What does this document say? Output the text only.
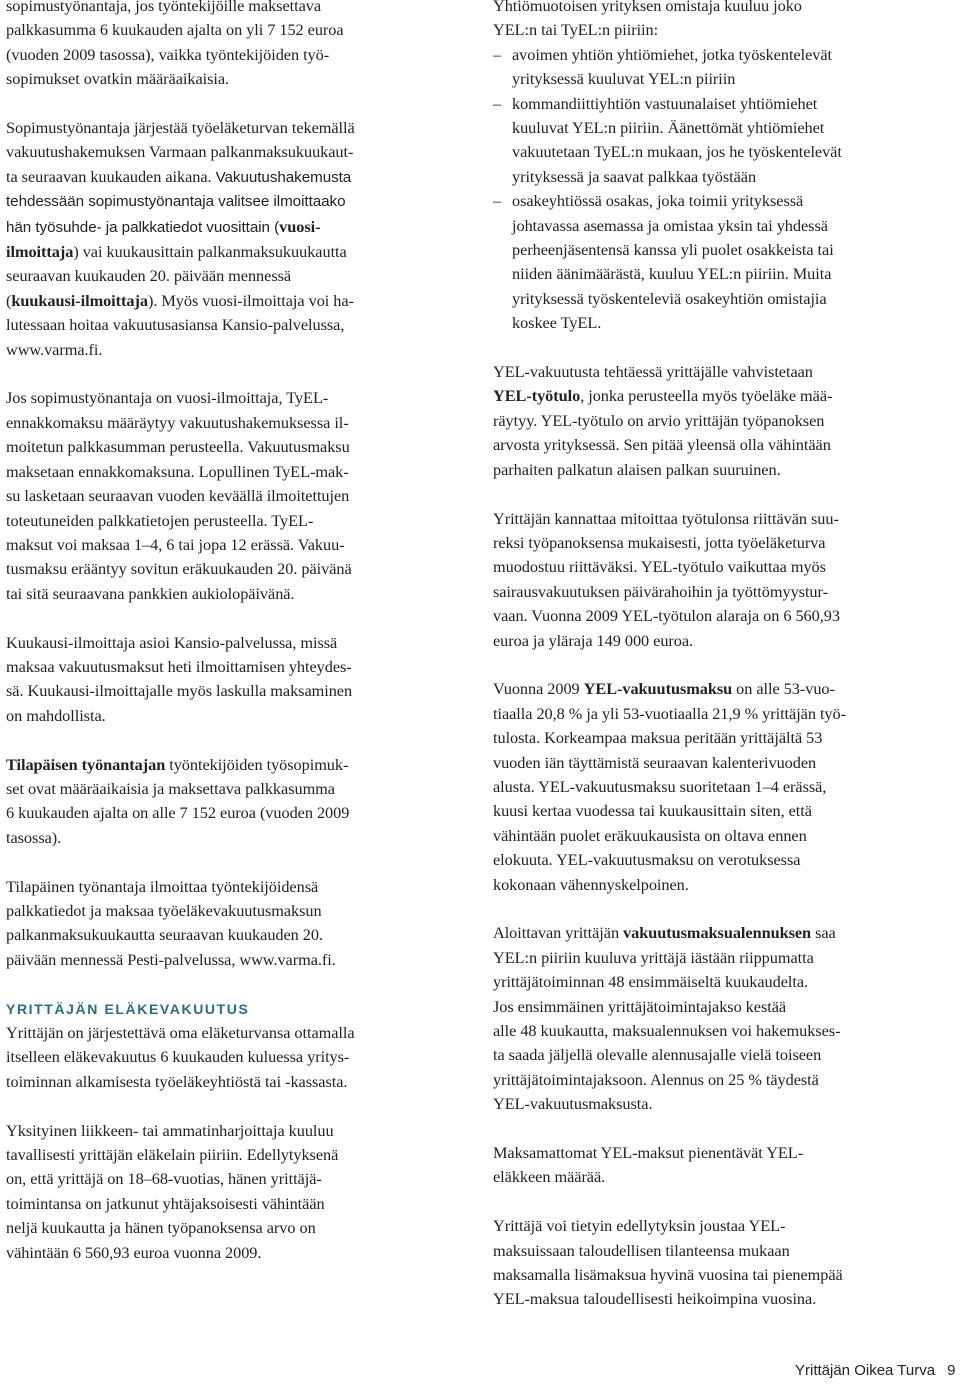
sopimustyönantaja, jos työntekijöille maksettava

palkkasumma 6 kuukauden ajalta on yli 7 152 euroa

(vuoden 2009 tasossa), vaikka työntekijöiden työ-

sopimukset ovatkin määräaikaisia.

Sopimustyönantaja järjestää työeläketurvan tekemällä

vakuutushakemuksen Varmaan palkanmaksukuukaut-

ta seuraavan kuukauden aikana. Vakuutushakemusta

tehdessään sopimustyönantaja valitsee ilmoittaako

hän työsuhde- ja palkkatiedot vuosittain (vuosi-

ilmoittaja) vai kuukausittain palkanmaksukuukautta

seuraavan kuukauden 20. päivään mennessä

(kuukausi-ilmoittaja). Myös vuosi-ilmoittaja voi ha-

lutessaan hoitaa vakuutusasiansa Kansio-palvelussa,

www.varma.fi.

Jos sopimustyönantaja on vuosi-ilmoittaja, TyEL-

ennakkomaksu määräytyy vakuutushakemuksessa il-

moitetun palkkasumman perusteella. Vakuutusmaksu

maksetaan ennakkomaksuna. Lopullinen TyEL-mak-

su lasketaan seuraavan vuoden keväällä ilmoitettujen

toteutuneiden palkkatietojen perusteella. TyEL-

maksut voi maksaa 1–4, 6 tai jopa 12 erässä. Vakuu-

tusmaksu erääntyy sovitun eräkuukauden 20. päivänä

tai sitä seuraavana pankkien aukiolopäivänä.

Kuukausi-ilmoittaja asioi Kansio-palvelussa, missä

maksaa vakuutusmaksut heti ilmoittamisen yhteydes-

sä. Kuukausi-ilmoittajalle myös laskulla maksaminen

on mahdollista.

Tilapäisen työnantajan työntekijöiden työsopimuk-

set ovat määräaikaisia ja maksettava palkkasumma

6 kuukauden ajalta on alle 7 152 euroa (vuoden 2009

tasossa).

Tilapäinen työnantaja ilmoittaa työntekijöidensä

palkkatiedot ja maksaa työeläkevakuutusmaksun

palkanmaksukuukautta seuraavan kuukauden 20.

päivään mennessä Pesti-palvelussa, www.varma.fi.

YRITTÄJÄN ELÄKEVAKUUTUS

Yrittäjän on järjestettävä oma eläketurvansa ottamalla

itselleen eläkevakuutus 6 kuukauden kuluessa yritys-

toiminnan alkamisesta työeläkeyhtiöstä tai -kassasta.

Yksityinen liikkeen- tai ammatinharjoittaja kuuluu

tavallisesti yrittäjän eläkelain piiriin. Edellytyksenä

on, että yrittäjä on 18–68-vuotias, hänen yrittäjä-

toimintansa on jatkunut yhtäjaksoisesti vähintään

neljä kuukautta ja hänen työpanoksensa arvo on

vähintään 6 560,93 euroa vuonna 2009.

Yhtiömuotoisen yrityksen omistaja kuuluu joko

YEL:n tai TyEL:n piiriin:

– avoimen yhtiön yhtiömiehet, jotka työskentelevät

yrityksessä kuuluvat YEL:n piiriin

– kommandiittiyhtiön vastuunalaiset yhtiömiehet

kuuluvat YEL:n piiriin. Äänettömät yhtiömiehet

vakuutetaan TyEL:n mukaan, jos he työskentelevät

yrityksessä ja saavat palkkaa työstään

– osakeyhtiössä osakas, joka toimii yrityksessä

johtavassa asemassa ja omistaa yksin tai yhdessä

perheenjäsentensä kanssa yli puolet osakkeista tai

niiden äänimäärästä, kuuluu YEL:n piiriin. Muita

yrityksessä työskenteleviä osakeyhtiön omistajia

koskee TyEL.

YEL-vakuutusta tehtäessä yrittäjälle vahvistetaan

YEL-työtulo, jonka perusteella myös työeläke mää-

räytyy. YEL-työtulo on arvio yrittäjän työpanoksen

arvosta yrityksessä. Sen pitää yleensä olla vähintään

parhaiten palkatun alaisen palkan suuruinen.

Yrittäjän kannattaa mitoittaa työtulonsa riittävän suu-

reksi työpanoksensa mukaisesti, jotta työeläketurva

muodostuu riittäväksi. YEL-työtulo vaikuttaa myös

sairausvakuutuksen päivärahoihin ja työttömyystur-

vaan. Vuonna 2009 YEL-työtulon alaraja on 6 560,93

euroa ja yläraja 149 000 euroa.

Vuonna 2009 YEL-vakuutusmaksu on alle 53-vuo-

tiaalla 20,8 % ja yli 53-vuotiaalla 21,9 % yrittäjän työ-

tulosta. Korkeampaa maksua peritään yrittäjältä 53

vuoden iän täyttämistä seuraavan kalenterivuoden

alusta. YEL-vakuutusmaksu suoritetaan 1–4 erässä,

kuusi kertaa vuodessa tai kuukausittain siten, että

vähintään puolet eräkuukausista on oltava ennen

elokuuta. YEL-vakuutusmaksu on verotuksessa

kokonaan vähennyskelpoinen.

Aloittavan yrittäjän vakuutusmaksualennuksen saa

YEL:n piiriin kuuluva yrittäjä iästään riippumatta

yrittäjätoiminnan 48 ensimmäiseltä kuukaudelta.

Jos ensimmäinen yrittäjätoimintajakso kestää

alle 48 kuukautta, maksualennuksen voi hakemukses-

ta saada jäljellä olevalle alennusajalle vielä toiseen

yrittäjätoimintajaksoon. Alennus on 25 % täydestä

YEL-vakuutusmaksusta.

Maksamattomat YEL-maksut pienentävät YEL-

eläkkeen määrää.

Yrittäjä voi tietyin edellytyksin joustaa YEL-

maksuissaan taloudellisen tilanteensa mukaan

maksamalla lisämaksua hyvinä vuosina tai pienempää

YEL-maksua taloudellisesti heikoimpina vuosina.

Yrittäjän Oikea Turva 9
